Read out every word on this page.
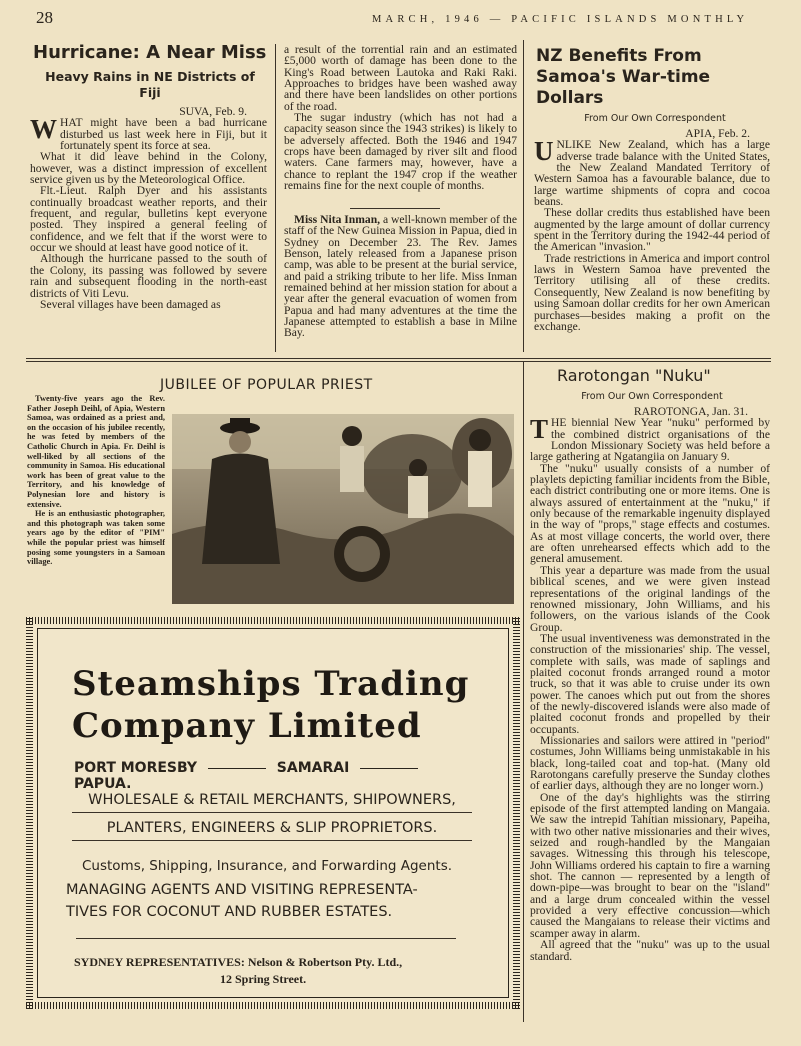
28	MARCH, 1946 — PACIFIC ISLANDS MONTHLY
Hurricane: A Near Miss
Heavy Rains in NE Districts of Fiji

SUVA, Feb. 9.

WHAT might have been a bad hurricane disturbed us last week here in Fiji, but it fortunately spent its force at sea.

What it did leave behind in the Colony, however, was a distinct impression of excellent service given us by the Meteorological Office.

Flt.-Lieut. Ralph Dyer and his assistants continually broadcast weather reports, and their frequent, and regular, bulletins kept everyone posted. They inspired a general feeling of confidence, and we felt that if the worst were to occur we should at least have good notice of it.

Although the hurricane passed to the south of the Colony, its passing was followed by severe rain and subsequent flooding in the north-east districts of Viti Levu.

Several villages have been damaged as

a result of the torrential rain and an estimated £5,000 worth of damage has been done to the King's Road between Lautoka and Raki Raki. Approaches to bridges have been washed away and there have been landslides on other portions of the road.

The sugar industry (which has not had a capacity season since the 1943 strikes) is likely to be adversely affected. Both the 1946 and 1947 crops have been damaged by river silt and flood waters. Cane farmers may, however, have a chance to replant the 1947 crop if the weather remains fine for the next couple of months.

Miss Nita Inman, a well-known member of the staff of the New Guinea Mission in Papua, died in Sydney on December 23. The Rev. James Benson, lately released from a Japanese prison camp, was able to be present at the burial service, and paid a striking tribute to her life. Miss Inman remained behind at her mission station for about a year after the general evacuation of women from Papua and had many adventures at the time the Japanese attempted to establish a base in Milne Bay.

NZ Benefits From Samoa's War-time Dollars
From Our Own Correspondent

APIA, Feb. 2.

UNLIKE New Zealand, which has a large adverse trade balance with the United States, the New Zealand Mandated Territory of Western Samoa has a favourable balance, due to large wartime shipments of copra and cocoa beans.

These dollar credits thus established have been augmented by the large amount of dollar currency spent in the Territory during the 1942-44 period of the American "invasion."

Trade restrictions in America and import control laws in Western Samoa have prevented the Territory utilising all of these credits. Consequently, New Zealand is now benefiting by using Samoan dollar credits for her own American purchases—besides making a profit on the exchange.

JUBILEE OF POPULAR PRIEST

Twenty-five years ago the Rev. Father Joseph Deihl, of Apia, Western Samoa, was ordained as a priest and, on the occasion of his jubilee recently, he was feted by members of the Catholic Church in Apia. Fr. Deihl is well-liked by all sections of the community in Samoa. His educational work has been of great value to the Territory, and his knowledge of Polynesian lore and history is extensive.

He is an enthusiastic photographer, and this photograph was taken some years ago by the editor of "PIM" while the popular priest was himself posing some youngsters in a Samoan village.

Rarotongan "Nuku"
From Our Own Correspondent

RAROTONGA, Jan. 31.

THE biennial New Year "nuku" performed by the combined district organisations of the London Missionary Society was held before a large gathering at Ngatangiia on January 9.

The "nuku" usually consists of a number of playlets depicting familiar incidents from the Bible, each district contributing one or more items. One is always assured of entertainment at the "nuku," if only because of the remarkable ingenuity displayed in the way of "props," stage effects and costumes. As at most village concerts, the world over, there are often unrehearsed effects which add to the general amusement.

This year a departure was made from the usual biblical scenes, and we were given instead representations of the original landings of the renowned missionary, John Williams, and his followers, on the various islands of the Cook Group.

The usual inventiveness was demonstrated in the construction of the missionaries' ship. The vessel, complete with sails, was made of saplings and plaited coconut fronds arranged round a motor truck, so that it was able to cruise under its own power. The canoes which put out from the shores of the newly-discovered islands were also made of plaited coconut fronds and propelled by their occupants.

Missionaries and sailors were attired in "period" costumes, John Williams being unmistakable in his black, long-tailed coat and top-hat. (Many old Rarotongans carefully preserve the Sunday clothes of earlier days, although they are no longer worn.)

One of the day's highlights was the stirring episode of the first attempted landing on Mangaia. We saw the intrepid Tahitian missionary, Papeiha, with two other native missionaries and their wives, seized and rough-handled by the Mangaian savages. Witnessing this through his telescope, John Williams ordered his captain to fire a warning shot. The cannon — represented by a length of down-pipe—was brought to bear on the "island" and a large drum concealed within the vessel provided a very effective concussion—which caused the Mangaians to release their victims and scamper away in alarm.

All agreed that the "nuku" was up to the usual standard.

Steamships Trading
Company Limited
PORT MORESBY	SAMARAI  PAPUA.
WHOLESALE & RETAIL MERCHANTS, SHIPOWNERS,
PLANTERS, ENGINEERS & SLIP PROPRIETORS.
Customs, Shipping, Insurance, and Forwarding Agents.
MANAGING AGENTS AND VISITING REPRESENTA-
TIVES FOR COCONUT AND RUBBER ESTATES.
SYDNEY REPRESENTATIVES: Nelson & Robertson Pty. Ltd.,
12 Spring Street.
